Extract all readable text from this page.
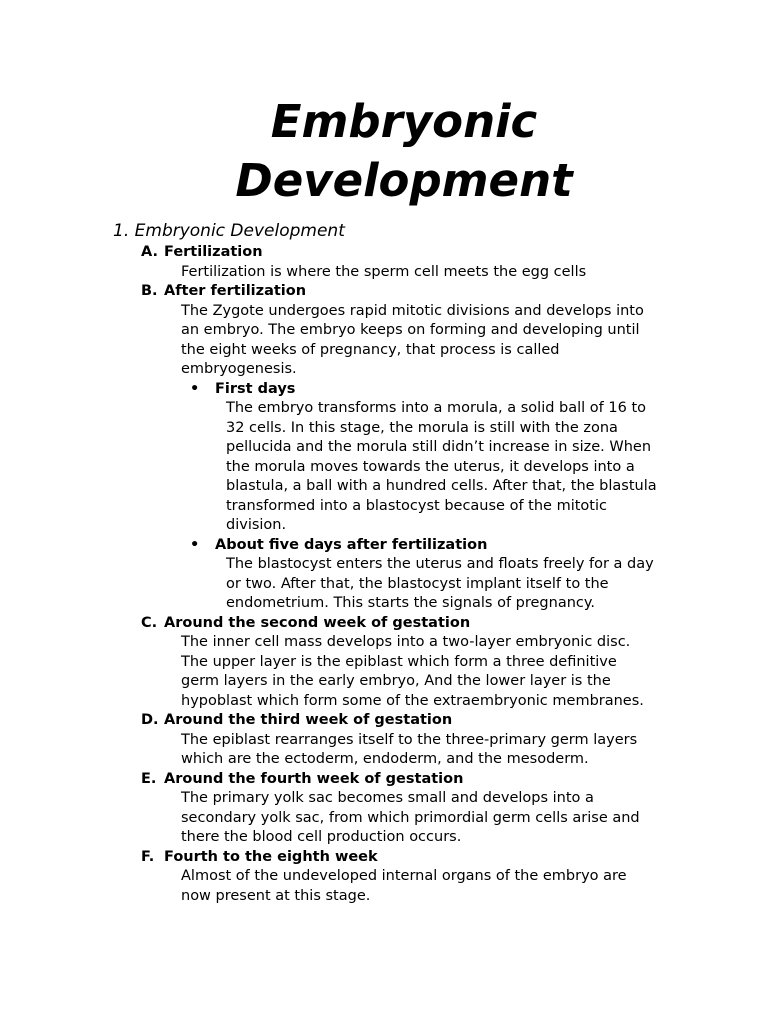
Embryonic
Development
1. Embryonic Development
A. Fertilization
Fertilization is where the sperm cell meets the egg cells
B. After fertilization
The Zygote undergoes rapid mitotic divisions and develops into
an embryo. The embryo keeps on forming and developing until
the eight weeks of pregnancy, that process is called
embryogenesis.
• First days
The embryo transforms into a morula, a solid ball of 16 to
32 cells. In this stage, the morula is still with the zona
pellucida and the morula still didn’t increase in size. When
the morula moves towards the uterus, it develops into a
blastula, a ball with a hundred cells. After that, the blastula
transformed into a blastocyst because of the mitotic
division.
• About five days after fertilization
The blastocyst enters the uterus and floats freely for a day
or two. After that, the blastocyst implant itself to the
endometrium. This starts the signals of pregnancy.
C. Around the second week of gestation
The inner cell mass develops into a two-layer embryonic disc.
The upper layer is the epiblast which form a three definitive
germ layers in the early embryo, And the lower layer is the
hypoblast which form some of the extraembryonic membranes.
D. Around the third week of gestation
The epiblast rearranges itself to the three-primary germ layers
which are the ectoderm, endoderm, and the mesoderm.
E. Around the fourth week of gestation
The primary yolk sac becomes small and develops into a
secondary yolk sac, from which primordial germ cells arise and
there the blood cell production occurs.
F. Fourth to the eighth week
Almost of the undeveloped internal organs of the embryo are
now present at this stage.
